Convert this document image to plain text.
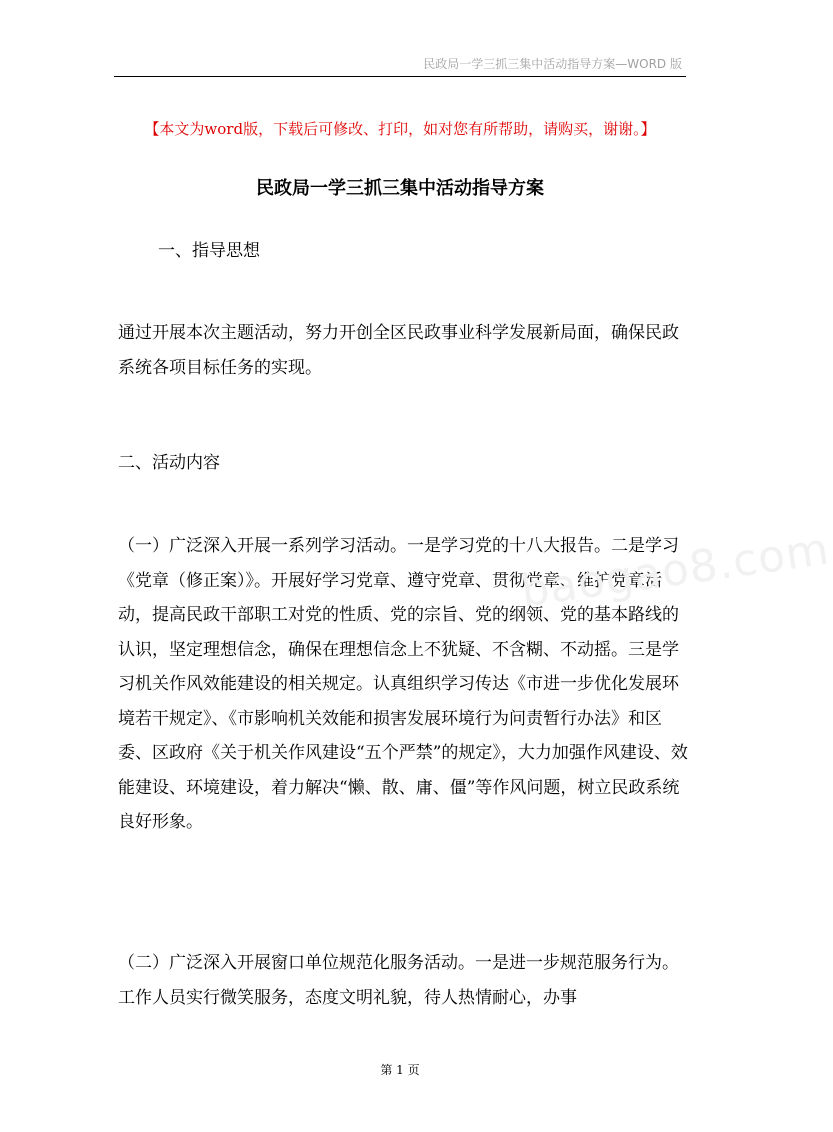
民政局一学三抓三集中活动指导方案—WORD 版
【本文为word版，下载后可修改、打印，如对您有所帮助，请购买，谢谢。】
民政局一学三抓三集中活动指导方案
一、指导思想
通过开展本次主题活动，努力开创全区民政事业科学发展新局面，确保民政系统各项目标任务的实现。
二、活动内容
（一）广泛深入开展一系列学习活动。一是学习党的十八大报告。二是学习《党章（修正案）》。开展好学习党章、遵守党章、贯彻党章、维护党章活动，提高民政干部职工对党的性质、党的宗旨、党的纲领、党的基本路线的认识，坚定理想信念，确保在理想信念上不犹疑、不含糊、不动摇。三是学习机关作风效能建设的相关规定。认真组织学习传达《市进一步优化发展环境若干规定》、《市影响机关效能和损害发展环境行为问责暂行办法》和区委、区政府《关于机关作风建设“五个严禁”的规定》，大力加强作风建设、效能建设、环境建设，着力解决“懒、散、庸、僵”等作风问题，树立民政系统良好形象。
（二）广泛深入开展窗口单位规范化服务活动。一是进一步规范服务行为。工作人员实行微笑服务，态度文明礼貌，待人热情耐心，办事
baogao8.com
第 1 页
